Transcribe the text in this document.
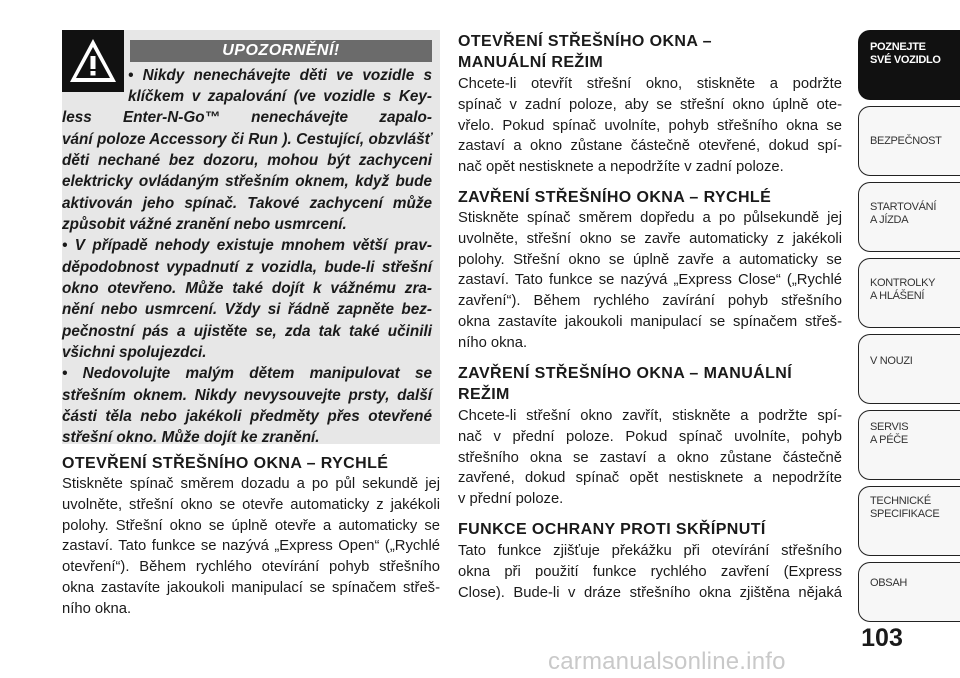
UPOZORNĚNÍ!
• Nikdy nenechávejte děti ve vozidle s
klíčkem v zapalování (ve vozidle s Key-
less Enter-N-Go™ nenechávejte zapalo-
vání poloze Accessory či Run ). Cestující, obzvlášť
děti nechané bez dozoru, mohou být zachyceni
elektricky ovládaným střešním oknem, když bude
aktivován jeho spínač. Takové zachycení může
způsobit vážné zranění nebo usmrcení.
• V případě nehody existuje mnohem větší prav-
děpodobnost vypadnutí z vozidla, bude-li střešní
okno otevřeno. Může také dojít k vážnému zra-
nění nebo usmrcení. Vždy si řádně zapněte bez-
pečnostní pás a ujistěte se, zda tak také učinili
všichni spolujezdci.
• Nedovolujte malým dětem manipulovat se
střešním oknem. Nikdy nevysouvejte prsty, další
části těla nebo jakékoli předměty přes otevřené
střešní okno. Může dojít ke zranění.
OTEVŘENÍ STŘEŠNÍHO OKNA – RYCHLÉ
Stiskněte spínač směrem dozadu a po půl sekundě jej
uvolněte, střešní okno se otevře automaticky z jakékoli
polohy. Střešní okno se úplně otevře a automaticky se
zastaví. Tato funkce se nazývá „Express Open“ („Rychlé
otevření“). Během rychlého otevírání pohyb střešního
okna zastavíte jakoukoli manipulací se spínačem střeš-
ního okna.
OTEVŘENÍ STŘEŠNÍHO OKNA –
MANUÁLNÍ REŽIM
Chcete-li otevřít střešní okno, stiskněte a podržte
spínač v zadní poloze, aby se střešní okno úplně ote-
vřelo. Pokud spínač uvolníte, pohyb střešního okna se
zastaví a okno zůstane částečně otevřené, dokud spí-
nač opět nestisknete a nepodržíte v zadní poloze.
ZAVŘENÍ STŘEŠNÍHO OKNA – RYCHLÉ
Stiskněte spínač směrem dopředu a po půlsekundě jej
uvolněte, střešní okno se zavře automaticky z jakékoli
polohy. Střešní okno se úplně zavře a automaticky se
zastaví. Tato funkce se nazývá „Express Close“ („Rychlé
zavření“). Během rychlého zavírání pohyb střešního
okna zastavíte jakoukoli manipulací se spínačem střeš-
ního okna.
ZAVŘENÍ STŘEŠNÍHO OKNA – MANUÁLNÍ
REŽIM
Chcete-li střešní okno zavřít, stiskněte a podržte spí-
nač v přední poloze. Pokud spínač uvolníte, pohyb
střešního okna se zastaví a okno zůstane částečně
zavřené, dokud spínač opět nestisknete a nepodržíte
v přední poloze.
FUNKCE OCHRANY PROTI SKŘÍPNUTÍ
Tato funkce zjišťuje překážku při otevírání střešního
okna při použití funkce rychlého zavření (Express
Close). Bude-li v dráze střešního okna zjištěna nějaká
POZNEJTE
SVÉ VOZIDLO
BEZPEČNOST
STARTOVÁNÍ
A JÍZDA
KONTROLKY
A HLÁŠENÍ
V NOUZI
SERVIS
A PÉČE
TECHNICKÉ
SPECIFIKACE
OBSAH
103
carmanualsonline.info
